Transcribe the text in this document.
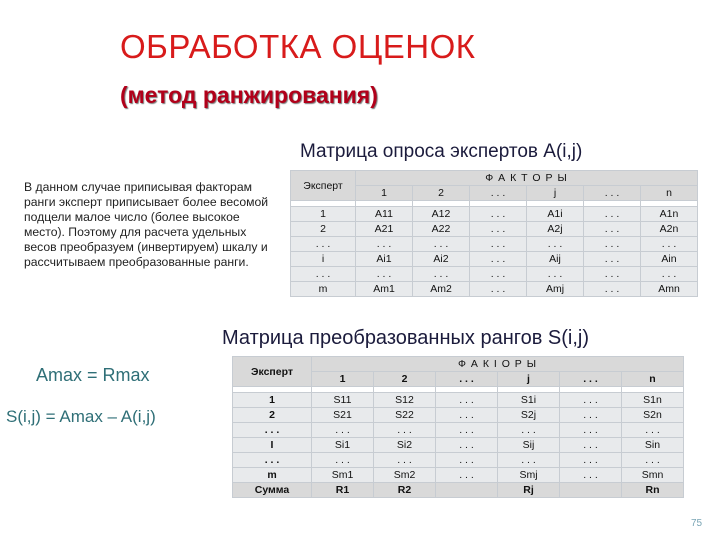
ОБРАБОТКА ОЦЕНОК
(метод ранжирования)
Матрица опроса экспертов A(i,j)
В данном случае приписывая факторам ранги эксперт приписывает более весомой подцели малое число (более высокое место). Поэтому для расчета удельных весов преобразуем (инвертируем) шкалу и рассчитываем преобразованные ранги.
Эксперт	Ф А К Т О Р Ы					
	1	2	. . .	j	. . .	n

1	A11	A12	. . .	A1i	. . .	A1n
2	A21	A22	. . .	A2j	. . .	A2n
. . .	. . .	. . .	. . .	. . .	. . .	. . .
i	Ai1	Ai2	. . .	Aij	. . .	Ain
. . .	. . .	. . .	. . .	. . .	. . .	. . .
m	Am1	Am2	. . .	Amj	. . .	Amn
Матрица преобразованных рангов S(i,j)
Amax = Rmax
S(i,j) = Amax – A(i,j)
Эксперт	Ф А К I О Р Ы					
	1	2	. . .	j	. . .	n

1	S11	S12	. . .	S1i	. . .	S1n
2	S21	S22	. . .	S2j	. . .	S2n
. . .	. . .	. . .	. . .	. . .	. . .	. . .
I	Si1	Si2	. . .	Sij	. . .	Sin
. . .	. . .	. . .	. . .	. . .	. . .	. . .
m	Sm1	Sm2	. . .	Smj	. . .	Smn
Сумма	R1	R2		Rj		Rn
75
